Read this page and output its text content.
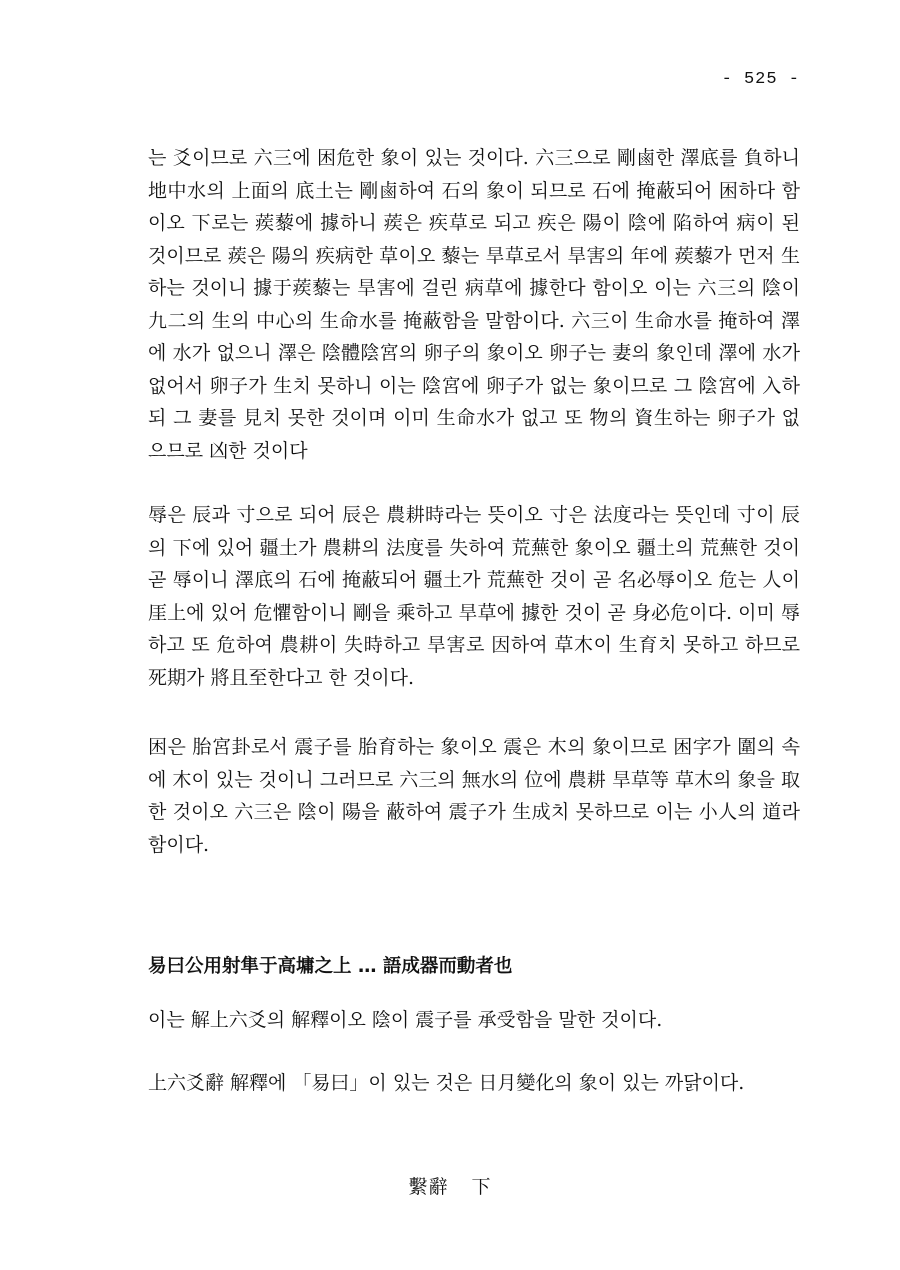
- 525 -

는 爻이므로 六三에 困危한 象이 있는 것이다. 六三으로 剛鹵한 澤底를 負하니 地中水의 上面의 底土는 剛鹵하여 石의 象이 되므로 石에 掩蔽되어 困하다 함이오 下로는 蒺藜에 據하니 蒺은 疾草로 되고 疾은 陽이 陰에 陷하여 病이 된 것이므로 蒺은 陽의 疾病한 草이오 藜는 旱草로서 旱害의 年에 蒺藜가 먼저 生하는 것이니 據于蒺藜는 旱害에 걸린 病草에 據한다 함이오 이는 六三의 陰이 九二의 生의 中心의 生命水를 掩蔽함을 말함이다. 六三이 生命水를 掩하여 澤에 水가 없으니 澤은 陰體陰宮의 卵子의 象이오 卵子는 妻의 象인데 澤에 水가 없어서 卵子가 生치 못하니 이는 陰宮에 卵子가 없는 象이므로 그 陰宮에 入하되 그 妻를 見치 못한 것이며 이미 生命水가 없고 또 物의 資生하는 卵子가 없으므로 凶한 것이다

辱은 辰과 寸으로 되어 辰은 農耕時라는 뜻이오 寸은 法度라는 뜻인데 寸이 辰의 下에 있어 疆土가 農耕의 法度를 失하여 荒蕪한 象이오 疆土의 荒蕪한 것이 곧 辱이니 澤底의 石에 掩蔽되어 疆土가 荒蕪한 것이 곧 名必辱이오 危는 人이 厓上에 있어 危懼함이니 剛을 乘하고 旱草에 據한 것이 곧 身必危이다. 이미 辱하고 또 危하여 農耕이 失時하고 旱害로 因하여 草木이 生育치 못하고 하므로 死期가 將且至한다고 한 것이다.

困은 胎宮卦로서 震子를 胎育하는 象이오 震은 木의 象이므로 困字가 圍의 속에 木이 있는 것이니 그러므로 六三의 無水의 位에 農耕 旱草等 草木의 象을 取한 것이오 六三은 陰이 陽을 蔽하여 震子가 生成치 못하므로 이는 小人의 道라 함이다.

易曰公用射隼于高墉之上 … 語成器而動者也

이는 解上六爻의 解釋이오 陰이 震子를 承受함을 말한 것이다.

上六爻辭 解釋에 「易曰」이 있는 것은 日月變化의 象이 있는 까닭이다.

繫辭 下
